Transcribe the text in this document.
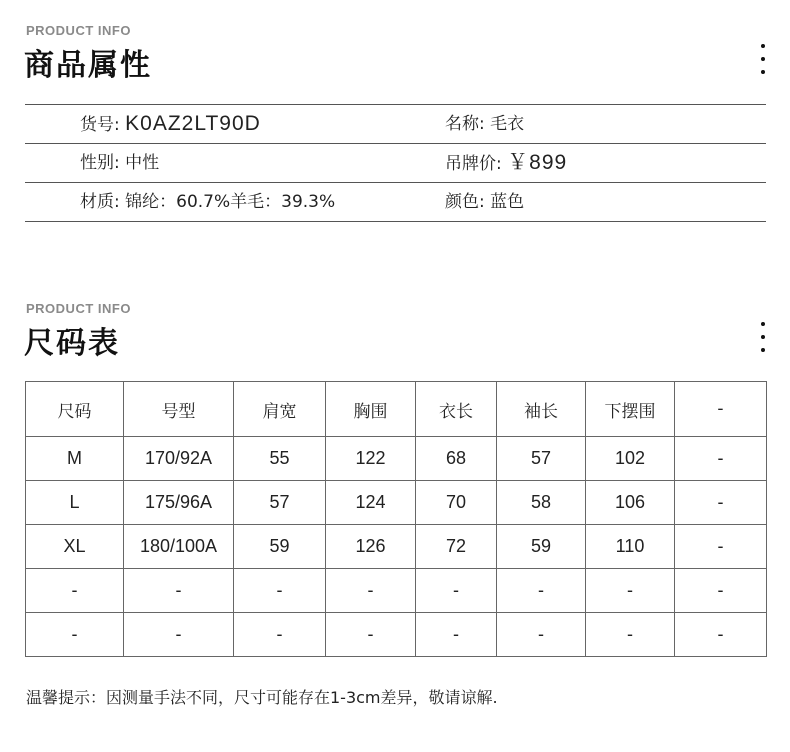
PRODUCT INFO
商品属性
货号: K0AZ2LT90D	名称: 毛衣
性别: 中性	吊牌价: ￥899
材质: 锦纶：60.7%羊毛：39.3%	颜色: 蓝色
PRODUCT INFO
尺码表
尺码	号型	肩宽	胸围	衣长	袖长	下摆围	-
M	170/92A	55	122	68	57	102	-
L	175/96A	57	124	70	58	106	-
XL	180/100A	59	126	72	59	110	-
-	-	-	-	-	-	-	-
-	-	-	-	-	-	-	-
温馨提示：因测量手法不同，尺寸可能存在1-3cm差异，敬请谅解.
